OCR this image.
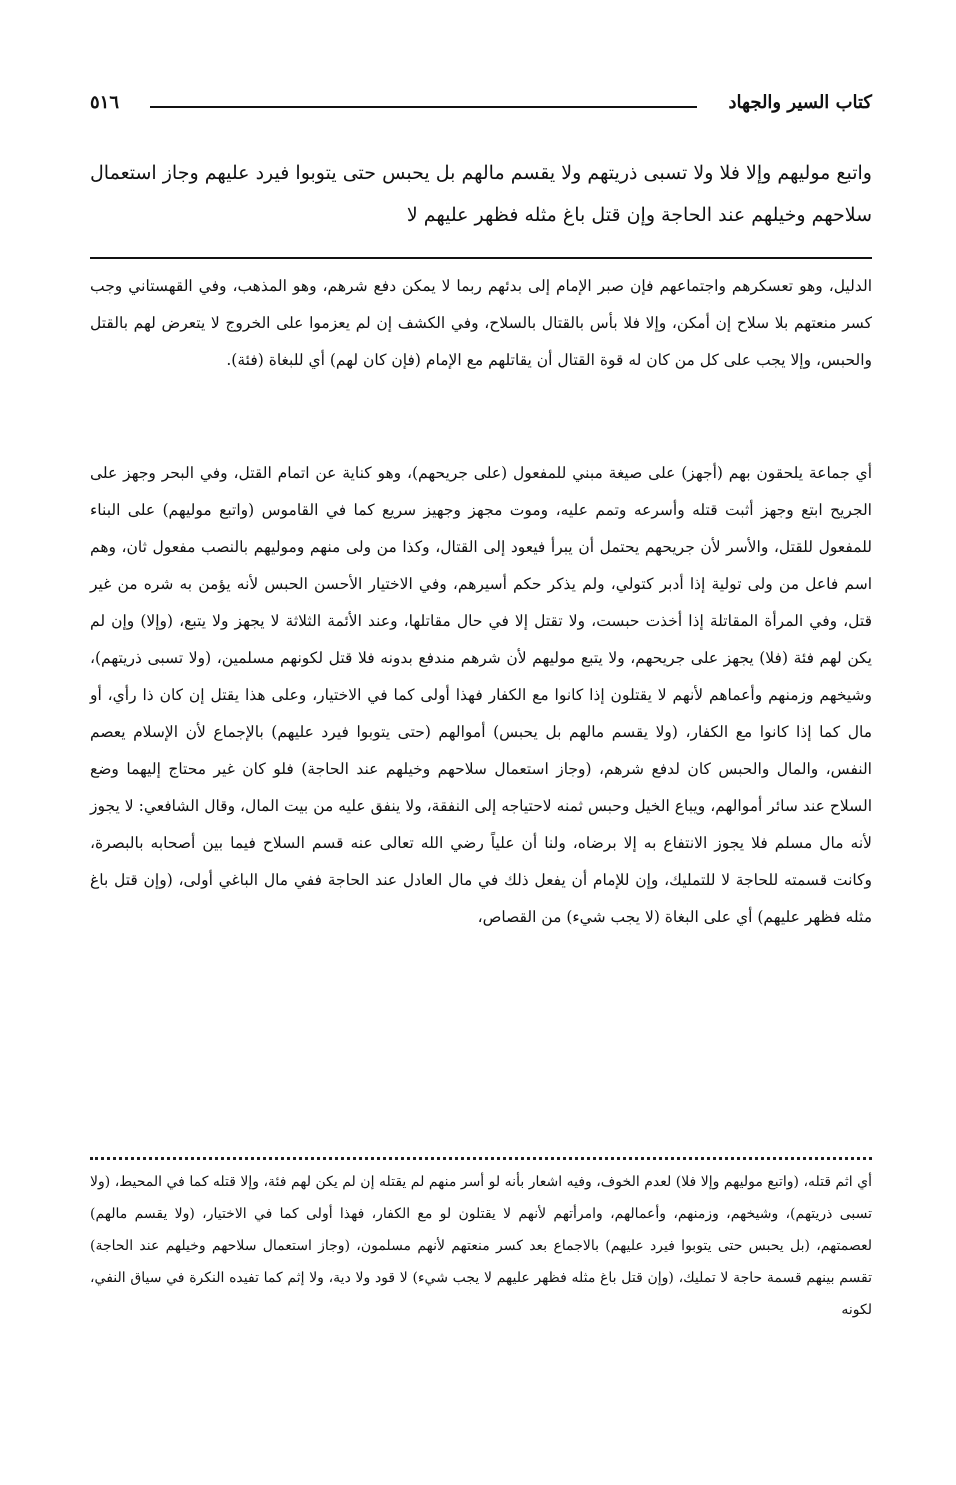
كتاب السير والجهاد
٥١٦
واتبع موليهم وإلا فلا ولا تسبى ذريتهم ولا يقسم مالهم بل يحبس حتى يتوبوا فيرد عليهم وجاز استعمال سلاحهم وخيلهم عند الحاجة وإن قتل باغ مثله فظهر عليهم لا

الدليل، وهو تعسكرهم واجتماعهم فإن صبر الإمام إلى بدئهم ربما لا يمكن دفع شرهم، وهو المذهب، وفي القهستاني وجب كسر منعتهم بلا سلاح إن أمكن، وإلا فلا بأس بالقتال بالسلاح، وفي الكشف إن لم يعزموا على الخروج لا يتعرض لهم بالقتل والحبس، وإلا يجب على كل من كان له قوة القتال أن يقاتلهم مع الإمام (فإن كان لهم) أي للبغاة (فئة).

أي جماعة يلحقون بهم (أجهز) على صيغة مبني للمفعول (على جريحهم)، وهو كناية عن اتمام القتل، وفي البحر وجهز على الجريح ابتع وجهز أثبت قتله وأسرعه وتمم عليه، وموت مجهز وجهيز سريع كما في القاموس (واتبع موليهم) على البناء للمفعول للقتل، والأسر لأن جريحهم يحتمل أن يبرأ فيعود إلى القتال، وكذا من ولى منهم وموليهم بالنصب مفعول ثان، وهم اسم فاعل من ولى تولية إذا أدبر كتولي، ولم يذكر حكم أسيرهم، وفي الاختيار الأحسن الحبس لأنه يؤمن به شره من غير قتل، وفي المرأة المقاتلة إذا أخذت حبست، ولا تقتل إلا في حال مقاتلها، وعند الأئمة الثلاثة لا يجهز ولا يتبع، (وإلا) وإن لم يكن لهم فئة (فلا) يجهز على جريحهم، ولا يتبع موليهم لأن شرهم مندفع بدونه فلا قتل لكونهم مسلمين، (ولا تسبى ذريتهم)، وشيخهم وزمنهم وأعماهم لأنهم لا يقتلون إذا كانوا مع الكفار فهذا أولى كما في الاختيار، وعلى هذا يقتل إن كان ذا رأي، أو مال كما إذا كانوا مع الكفار، (ولا يقسم مالهم بل يحبس) أموالهم (حتى يتوبوا فيرد عليهم) بالإجماع لأن الإسلام يعصم النفس، والمال والحبس كان لدفع شرهم، (وجاز استعمال سلاحهم وخيلهم عند الحاجة) فلو كان غير محتاج إليهما وضع السلاح عند سائر أموالهم، ويباع الخيل وحبس ثمنه لاحتياجه إلى النفقة، ولا ينفق عليه من بيت المال، وقال الشافعي: لا يجوز لأنه مال مسلم فلا يجوز الانتفاع به إلا برضاه، ولنا أن علياً رضي الله تعالى عنه قسم السلاح فيما بين أصحابه بالبصرة، وكانت قسمته للحاجة لا للتمليك، وإن للإمام أن يفعل ذلك في مال العادل عند الحاجة ففي مال الباغي أولى، (وإن قتل باغ مثله فظهر عليهم) أي على البغاة (لا يجب شيء) من القصاص،

أي اثم قتله، (واتبع موليهم وإلا فلا) لعدم الخوف، وفيه اشعار بأنه لو أسر منهم لم يقتله إن لم يكن لهم فئة، وإلا قتله كما في المحيط، (ولا تسبى ذريتهم)، وشيخهم، وزمنهم، وأعمالهم، وامرأتهم لأنهم لا يقتلون لو مع الكفار، فهذا أولى كما في الاختيار، (ولا يقسم مالهم) لعصمتهم، (بل يحبس حتى يتوبوا فيرد عليهم) بالاجماع بعد كسر منعتهم لأنهم مسلمون، (وجاز استعمال سلاحهم وخيلهم عند الحاجة) تقسم بينهم قسمة حاجة لا تمليك، (وإن قتل باغ مثله فظهر عليهم لا يجب شيء) لا قود ولا دية، ولا إثم كما تفيده النكرة في سياق النفي، لكونه
